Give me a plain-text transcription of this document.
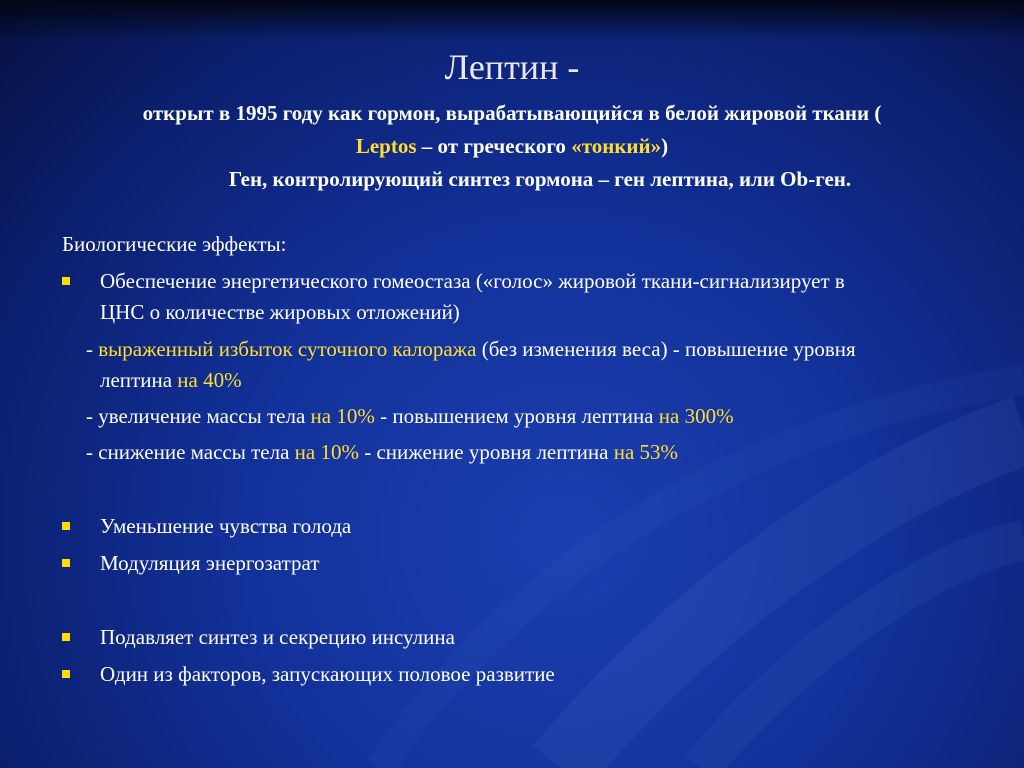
Лептин -
открыт в 1995 году как гормон, вырабатывающийся в белой жировой ткани (
Leptos – от греческого «тонкий»)
Ген, контролирующий синтез гормона – ген лептина, или Ob-ген.
Биологические эффекты:
Обеспечение энергетического гомеостаза («голос» жировой ткани-сигнализирует в
ЦНС о количестве жировых отложений)
- выраженный избыток суточного калоража (без изменения веса) - повышение уровня
лептина на 40%
- увеличение массы тела на 10% - повышением уровня лептина на 300%
- снижение массы тела на 10% - снижение уровня лептина на 53%
Уменьшение чувства голода
Модуляция энергозатрат
Подавляет синтез и секрецию инсулина
Один из факторов, запускающих половое развитие
